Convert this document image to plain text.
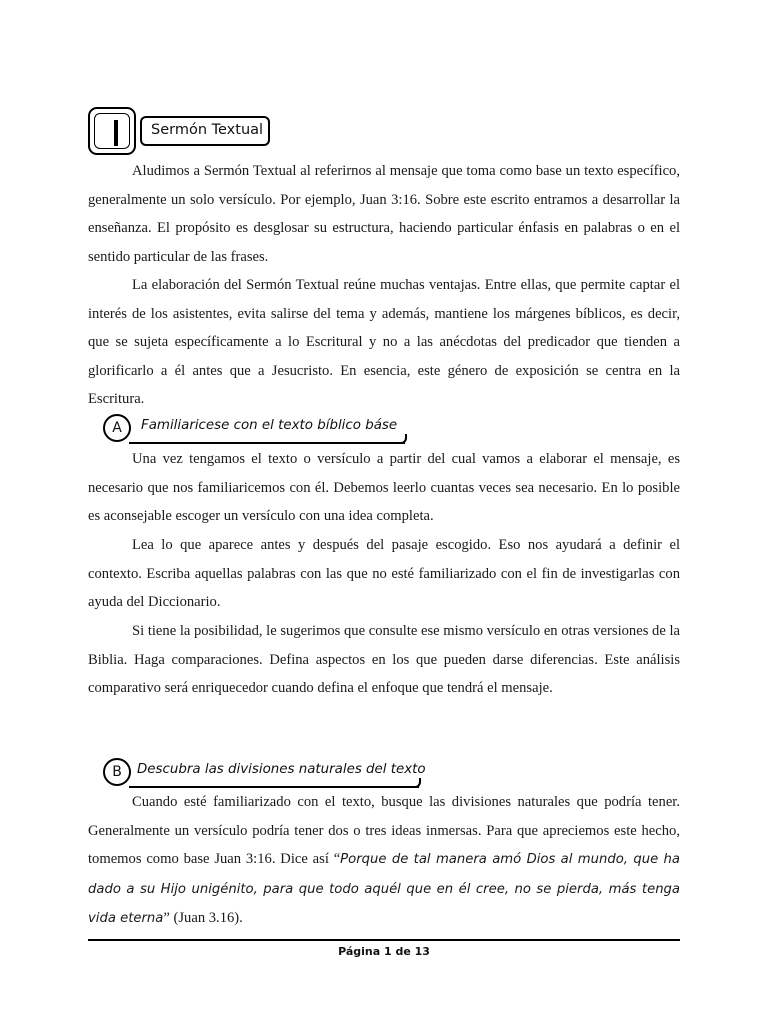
Sermón Textual

Aludimos a Sermón Textual al referirnos al mensaje que toma como base un texto específico, generalmente un solo versículo. Por ejemplo, Juan 3:16. Sobre este escrito entramos a desarrollar la enseñanza. El propósito es desglosar su estructura, haciendo particular énfasis en palabras o en el sentido particular de las frases.

La elaboración del Sermón Textual reúne muchas ventajas. Entre ellas, que permite captar el interés de los asistentes, evita salirse del tema y además, mantiene los márgenes bíblicos, es decir, que se sujeta específicamente a lo Escritural y no a las anécdotas del predicador que tienden a glorificarlo a él antes que a Jesucristo. En esencia, este género de exposición se centra en la Escritura.

A	Familiaricese con el texto bíblico báse

Una vez tengamos el texto o versículo a partir del cual vamos a elaborar el mensaje, es necesario que nos familiaricemos con él. Debemos leerlo cuantas veces sea necesario. En lo posible es aconsejable escoger un versículo con una idea completa.

Lea lo que aparece antes y después del pasaje escogido. Eso nos ayudará a definir el contexto. Escriba aquellas palabras con las que no esté familiarizado con el fin de investigarlas con ayuda del Diccionario.

Si tiene la posibilidad, le sugerimos que consulte ese mismo versículo en otras versiones de la Biblia. Haga comparaciones. Defina aspectos en los que pueden darse diferencias. Este análisis comparativo será enriquecedor cuando defina el enfoque que tendrá el mensaje.

B	Descubra las divisiones naturales del texto

Cuando esté familiarizado con el texto, busque las divisiones naturales que podría tener. Generalmente un versículo podría tener dos o tres ideas inmersas. Para que apreciemos este hecho, tomemos como base Juan 3:16. Dice así “Porque de tal manera amó Dios al mundo, que ha dado a su Hijo unigénito, para que todo aquél que en él cree, no se pierda, más tenga vida eterna” (Juan 3.16).

Página 1 de 13
